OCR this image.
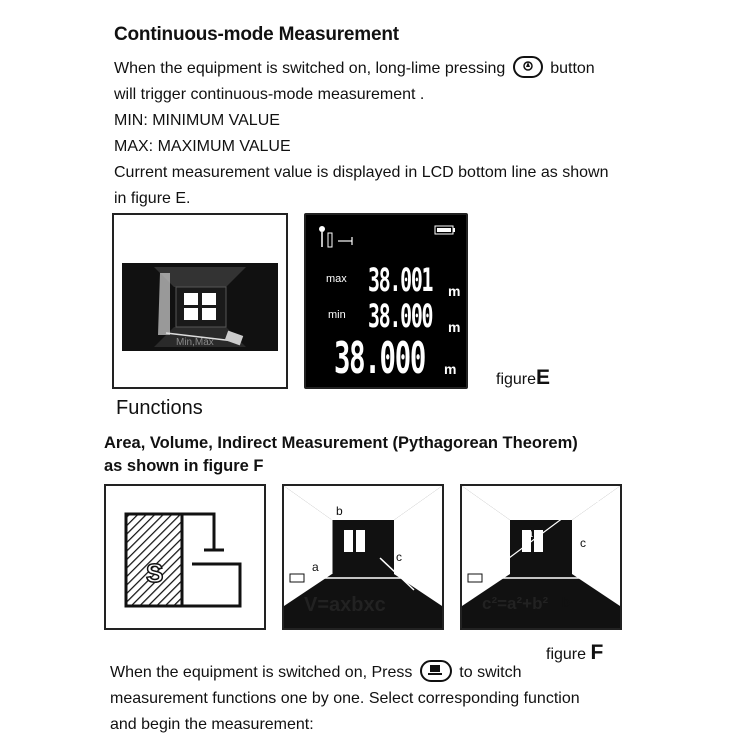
Continuous-mode Measurement
When the equipment is switched on, long-lime pressing	button
will trigger continuous-mode measurement .
MIN: MINIMUM VALUE
MAX: MAXIMUM VALUE
Current measurement value is displayed in LCD bottom line as shown
in figure E.
Min,Max
max 38.001 m
min 38.000 m
38.000 m
figureE
Functions
Area, Volume, Indirect Measurement (Pythagorean Theorem)
as shown in figure F
S
b
a
c
V=axbxc
a
c
b
c²=a²+b²
figure F
When the equipment is switched on, Press	to switch
measurement functions one by one. Select corresponding function
and begin the measurement:
